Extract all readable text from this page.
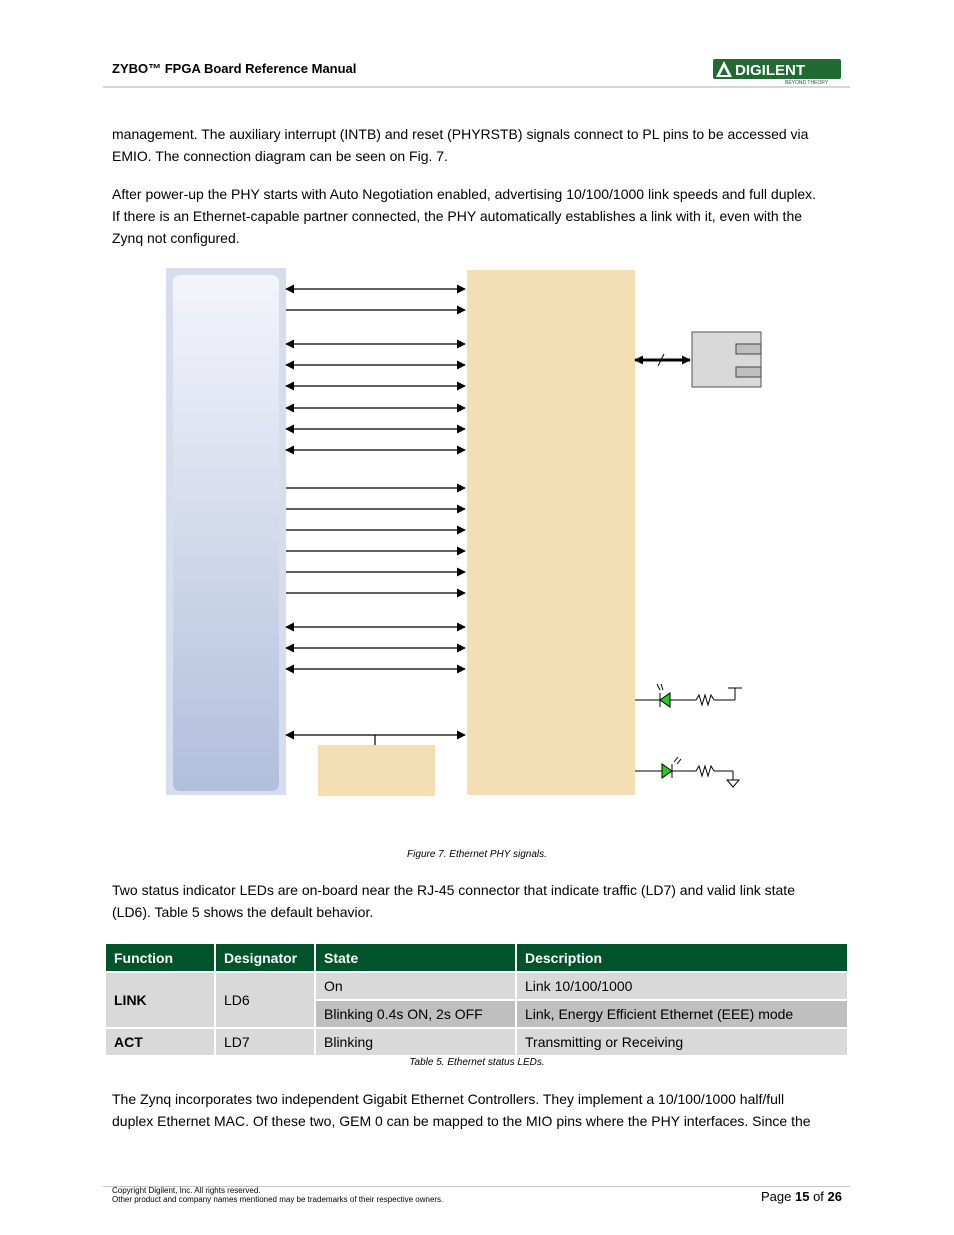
ZYBO™ FPGA Board Reference Manual	DIGILENT
BEYOND THEORY

management. The auxiliary interrupt (INTB) and reset (PHYRSTB) signals connect to PL pins to be accessed via
EMIO. The connection diagram can be seen on Fig. 7.

After power-up the PHY starts with Auto Negotiation enabled, advertising 10/100/1000 link speeds and full duplex.
If there is an Ethernet-capable partner connected, the PHY automatically establishes a link with it, even with the
Zynq not configured.

Figure 7. Ethernet PHY signals.

Two status indicator LEDs are on-board near the RJ-45 connector that indicate traffic (LD7) and valid link state
(LD6). Table 5 shows the default behavior.

Function	Designator	State	Description
LINK	LD6	On	Link 10/100/1000
		Blinking 0.4s ON, 2s OFF	Link, Energy Efficient Ethernet (EEE) mode
ACT	LD7	Blinking	Transmitting or Receiving
Table 5. Ethernet status LEDs.

The Zynq incorporates two independent Gigabit Ethernet Controllers. They implement a 10/100/1000 half/full
duplex Ethernet MAC. Of these two, GEM 0 can be mapped to the MIO pins where the PHY interfaces. Since the

Copyright Digilent, Inc. All rights reserved.
Other product and company names mentioned may be trademarks of their respective owners.	Page 15 of 26
